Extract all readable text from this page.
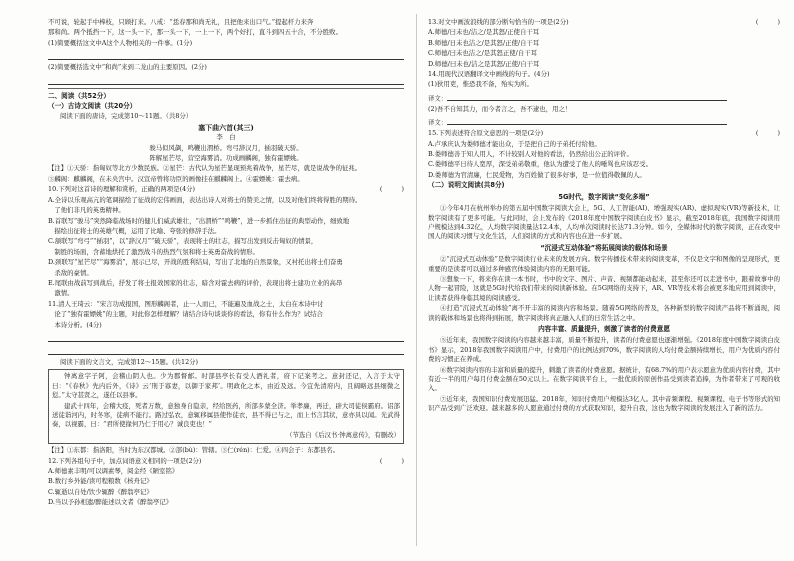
不可说，轮起手中棒枝，只顾打来。八戒：“恁春那和尚无礼，且把他来出口气。”提起杆力来奔

那和尚。两个抵挡一下，这一头一下，那一头一下，一上一下，两个好打，直斗到四五十合，不分胜败。

(1)简要概括这文中A这个人物相关的一件事。(1分)

(2)简要概括选文中“和尚”来到二龙山的主要原因。(2分)

二、阅读（共52分）

（一）古诗文阅读（共20分）

阅读下面的唐诗，完成第10～11题。（共8分）

塞下曲六首(其三)

李　白

骏马似风飙，鸣鞭出渭桥。弯弓辞汉月，插羽破天骄。

阵解星芒尽，营空海雾消。功成画麟阁，独有霍嫖姚。

【注】①天骄：指匈奴等北方少数民族。②星芒：古代认为星芒显现预兆着战争，星芒尽，就是说战争的征兆。

③麟阁：麒麟阁，在未央宫中。汉宣帝曾将功臣的画像挂在麒麟阁上。④霍嫖姚：霍去病。

10.下列对这首诗的理解和赏析，正确的两项是(4分)	(　　　)

A.全诗以乐观高亢的笔调描绘了征战的宏伟画面，表达出诗人对将士的赞美之情，以及对他们终将得胜的期待。

　了他们非凡的英勇精神。

B.首联写“骏马”突然降临战场时的健儿们威武雄壮，“出渭桥”“鸣鞭”，进一步抓住出征的典型动作，细致地

　描绘出征将士的英雄气概，运用了比喻、夸张的修辞手法。

C.颔联写“弯弓”“插羽”，以“辞汉月”“破天骄”，表现将士的壮志，描写出发到反击匈奴的情景，

　制胜的场面，含蓄地烘托了激烈战斗的热烈气氛和将士英勇奋战的情形。

D.颈联写“星芒尽”“海雾消”，展示已尽，开战的胜利结局，写出了北地的自然景象，又衬托出将士们奋勇

　杀敌的豪情。

E.尾联由战前写到战后，抒发了将士报效国家的壮志，暗含对霍去病的评价，表现出将士建功立业的高昂

　激情。

11.清人王琦云：“宋言功成报国，图形麟阁者，止一人而已，不能遍及血战之士，太白在本诗中讨

　论了“独有霍嫖姚”的主题，对此你怎样理解？请结合诗句谈谈你的看法，你有什么作为？试结合

　本诗分析。(4分)

阅读下面的文言文，完成第12～15题。(共12分)

钟离意字子阿，会稽山阴人也。少为郡督邮。时部县亭长有受人酒礼者，府下记案考之。意封还记，入言于太守曰：“《春秋》先内后外，《诗》云‘刑于寡妻，以御于家邦’。明政化之本，由近及远。今宜先清府内，且阔略远县细微之愆。”太守甚贤之，遂任以县事。

建武十四年，会稽大疫，死者万数，意独身自隐亲，经给医药，所部多蒙全济。举孝廉，再迁，辟大司徒侯霸府。诏部送徒诣河内，时冬寒，徒病不能行。路过弘农，意辄移属县使作徒衣，县不得已与之，而上书言其状，意亦具以闻。光武得奏，以视霸，曰：“君所使掾何乃仁于用心？诚良吏也！”

（节选自《后汉书·钟离意传》，有删改）

【注】①东都：指洛阳，当时为东汉都城。②部(bù)：管辖。③仁(rén)：仁爱。④四会子：东都县名。

12.下列各组句子中，加点词语意义相同的一项是(2分)	(　　　)

A.师德素丰明/可以调素琴，阅金经《陋室铭》

B.数行乡外能/读可程粮数《核舟记》

C.辄逝以自处/饮少辄醉《醉翁亭记》

D.当以予孙相遗/醉能述以文者《醉翁亭记》

13.对文中画波浪线的部分断句恰当的一项是(2分)	(　　　)

A.师德/曰未也/洁之/是其怒/正使自干耳

B.师德/日未也洁之/是其怒/正使/自干耳

C.师德/曰未也洁之/是其怒正使/自干耳

D.师德/曰未也/洁之是其怒/正使/自干耳

14.用现代汉语翻译文中画线的句子。(4分)

(1)狄用吏，惟恐我不备，殆实为所。

译文：

(2)吾不自知其力，而今者言之，吾不逮也，用之！

译文：

15.下列表述符合原文意思的一项是(2分)	(　　　)

A.卢承庆认为娄师德才能出众，于是把自己的子弟托付给他。

B.娄师德善于知人用人，不计较别人对他的看法，仍然给出公正的评价。

C.娄师德平日待人宽厚，深受弟弟敬重，他认为遭受了他人的唾骂也应该忍受。

D.娄师德为官清廉，仁民爱物，为百姓做了很多好事，是一位值得敬佩的人。

（二）说明文阅读(共8分)

5G时代，数字阅读“变化多端”

①今年4月在杭州举办的第五届中国数字阅读大会上，5G、人工智能(AI)、增强现实(AR)、虚拟现实(VR)等新技术，让数字阅读有了更多可能。与此同时，会上发布的《2018年度中国数字阅读白皮书》显示，截至2018年底，我国数字阅读用户规模达到4.32亿，人均数字阅读量达12.4本，人均单次阅读时长达71.3分钟。如今，全媒体时代的数字阅读，正在改变中国人的阅读习惯与文化生活，人们阅读的方式和内容也在进一步扩展。

“沉浸式互动体验”将拓展阅读的载体和场景

②“沉浸式互动体验”是数字阅读行业未来的发展方向。数字传播技术带来的阅读变革，不仅是文字和图像的呈现形式，更重要的是读者可以通过多种感官体验阅读内容的无限可能。

③想象一下，将来你在读一本书时，书中的文字、图片、声音、视频都能动起来，甚至你还可以走进书中，跟着故事中的人物一起冒险，这就是5G时代给我们带来的阅读新体验。在5G网络的支持下，AR、VR等技术将会被更多地应用到阅读中，让读者获得身临其境的阅读感受。

④打造“沉浸式互动体验”离不开丰富的阅读内容和场景。随着5G网络的普及，各种新型的数字阅读产品将不断涌现，阅读的载体和场景也将得到拓展，数字阅读将真正融入人们的日常生活之中。

内容丰富、质量提升，刺激了读者的付费意愿

⑤近年来，我国数字阅读的内容越来越丰富，质量不断提升，读者的付费意愿也逐渐增强。《2018年度中国数字阅读白皮书》显示，2018年我国数字阅读用户中，付费用户的比例达到70%，数字阅读的人均付费金额持续增长，用户为优质内容付费的习惯正在养成。

⑥数字阅读内容的丰富和质量的提升，刺激了读者的付费意愿。据统计，有68.7%的用户表示愿意为优质内容付费，其中有近一半的用户每月付费金额在50元以上。在数字阅读平台上，一批优质的原创作品受到读者追捧，为作者带来了可观的收入。

⑦近年来，我国知识付费发展迅猛。2018年，知识付费用户规模达3亿人。其中音频课程、视频课程、电子书等形式的知识产品受到广泛欢迎。越来越多的人愿意通过付费的方式获取知识，提升自我，这也为数字阅读的发展注入了新的活力。
